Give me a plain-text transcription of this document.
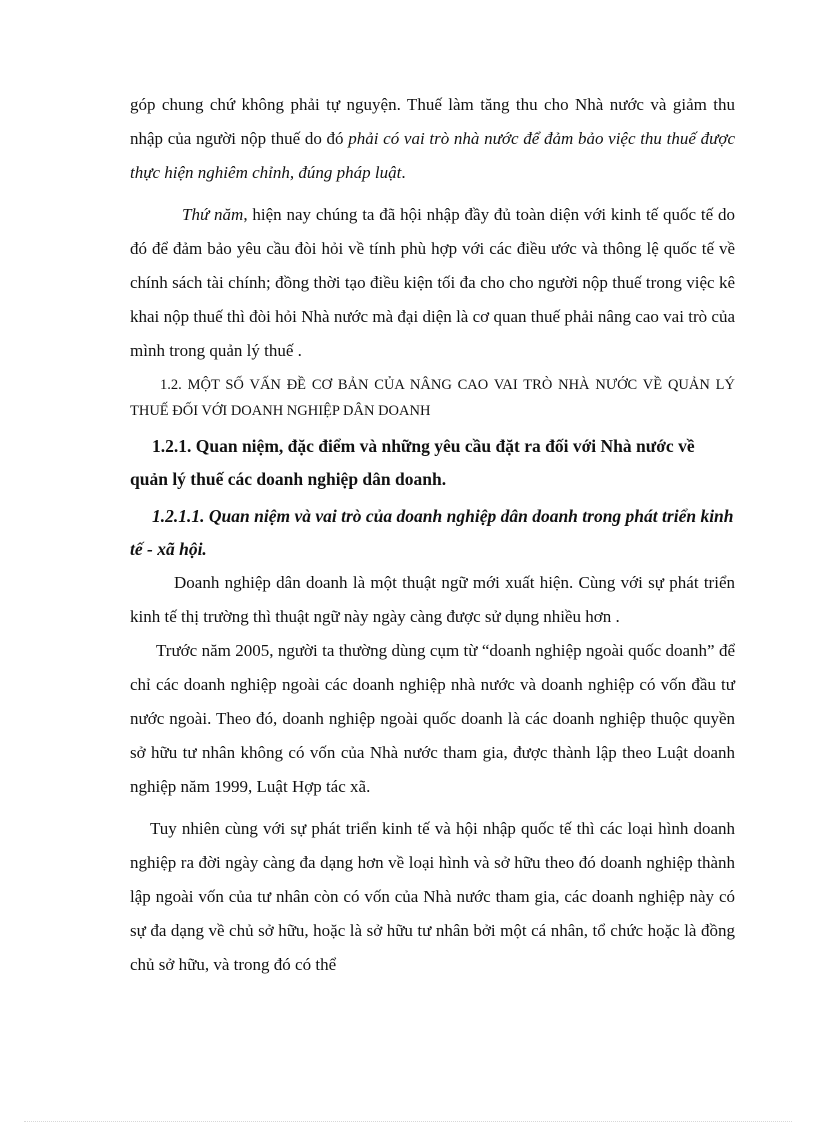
góp chung chứ không phải tự nguyện. Thuế làm tăng thu cho Nhà nước và giảm thu nhập của người nộp thuế do đó phải có vai trò nhà nước để đảm bảo việc thu thuế được thực hiện nghiêm chỉnh, đúng pháp luật.

Thứ năm, hiện nay chúng ta đã hội nhập đầy đủ toàn diện với kinh tế quốc tế do đó để đảm bảo yêu cầu đòi hỏi về tính phù hợp với các điều ước và thông lệ quốc tế về chính sách tài chính; đồng thời tạo điều kiện tối đa cho cho người nộp thuế trong việc kê khai nộp thuế thì đòi hỏi Nhà nước mà đại diện là cơ quan thuế phải nâng cao vai trò của mình trong quản lý thuế .

1.2. MỘT SỐ VẤN ĐỀ CƠ BẢN CỦA NÂNG CAO VAI TRÒ NHÀ NƯỚC VỀ QUẢN LÝ THUẾ ĐỐI VỚI DOANH NGHIỆP DÂN DOANH

1.2.1. Quan niệm, đặc điểm và những yêu cầu đặt ra đối với Nhà nước về quản lý thuế các doanh nghiệp dân doanh.

1.2.1.1. Quan niệm và vai trò của doanh nghiệp dân doanh trong phát triển kinh tế - xã hội.

Doanh nghiệp dân doanh là một thuật ngữ mới xuất hiện. Cùng với sự phát triển kinh tế thị trường thì thuật ngữ này ngày càng được sử dụng nhiều hơn .

Trước năm 2005, người ta thường dùng cụm từ “doanh nghiệp ngoài quốc doanh” để chỉ các doanh nghiệp ngoài các doanh nghiệp nhà nước và doanh nghiệp có vốn đầu tư nước ngoài. Theo đó, doanh nghiệp ngoài quốc doanh là các doanh nghiệp thuộc quyền sở hữu tư nhân không có vốn của Nhà nước tham gia, được thành lập theo Luật doanh nghiệp năm 1999, Luật Hợp tác xã.

Tuy nhiên cùng với sự phát triển kinh tế và hội nhập quốc tế thì các loại hình doanh nghiệp ra đời ngày càng đa dạng hơn về loại hình và sở hữu theo đó doanh nghiệp thành lập ngoài vốn của tư nhân còn có vốn của Nhà nước tham gia, các doanh nghiệp này có sự đa dạng về chủ sở hữu, hoặc là sở hữu tư nhân bởi một cá nhân, tổ chức hoặc là đồng chủ sở hữu, và trong đó có thể
